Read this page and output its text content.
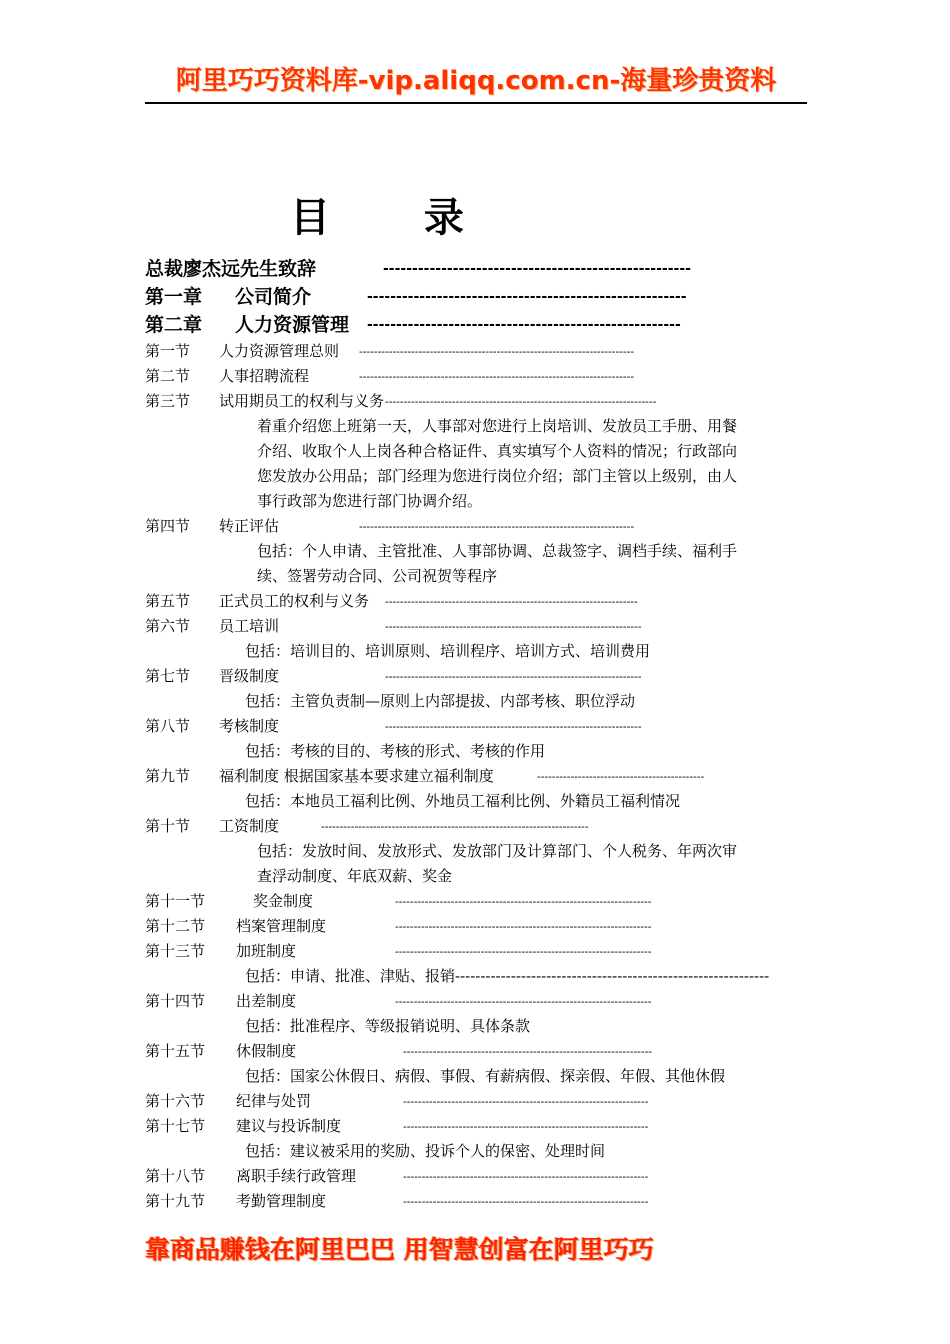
阿里巧巧资料库-vip.aliqq.com.cn-海量珍贵资料
目 录
总裁廖杰远先生致辞	-----------------------------------------------------
第一章 公司简介	-------------------------------------------------------
第二章 人力资源管理 ------------------------------------------------------
第一节 人力资源管理总则 --------------------------------------------------------------------------
第二节 人事招聘流程	--------------------------------------------------------------------------
第三节 试用期员工的权利与义务 -------------------------------------------------------------------------
着重介绍您上班第一天，人事部对您进行上岗培训、发放员工手册、用餐
介绍、收取个人上岗各种合格证件、真实填写个人资料的情况；行政部向
您发放办公用品；部门经理为您进行岗位介绍；部门主管以上级别，由人
事行政部为您进行部门协调介绍。
第四节 转正评估	--------------------------------------------------------------------------
包括：个人申请、主管批准、人事部协调、总裁签字、调档手续、福利手
续、签署劳动合同、公司祝贺等程序
第五节 正式员工的权利与义务 --------------------------------------------------------------------
第六节 员工培训	---------------------------------------------------------------------
包括：培训目的、培训原则、培训程序、培训方式、培训费用
第七节 晋级制度	---------------------------------------------------------------------
包括：主管负责制—原则上内部提拔、内部考核、职位浮动
第八节 考核制度	---------------------------------------------------------------------
包括：考核的目的、考核的形式、考核的作用
第九节 福利制度 根据国家基本要求建立福利制度	---------------------------------------------
包括：本地员工福利比例、外地员工福利比例、外籍员工福利情况
第十节 工资制度	------------------------------------------------------------------------
包括：发放时间、发放形式、发放部门及计算部门、个人税务、年两次审
查浮动制度、年底双薪、奖金
第十一节	奖金制度	---------------------------------------------------------------------
第十二节 档案管理制度	---------------------------------------------------------------------
第十三节 加班制度	---------------------------------------------------------------------
包括：申请、批准、津贴、报销--------------------------------------------------------------
第十四节 出差制度	---------------------------------------------------------------------
包括：批准程序、等级报销说明、具体条款
第十五节 休假制度	-------------------------------------------------------------------
包括：国家公休假日、病假、事假、有薪病假、探亲假、年假、其他休假
第十六节 纪律与处罚	------------------------------------------------------------------
第十七节 建议与投诉制度	------------------------------------------------------------------
包括：建议被采用的奖励、投诉个人的保密、处理时间
第十八节 离职手续行政管理	------------------------------------------------------------------
第十九节 考勤管理制度	------------------------------------------------------------------
靠商品赚钱在阿里巴巴 用智慧创富在阿里巧巧
